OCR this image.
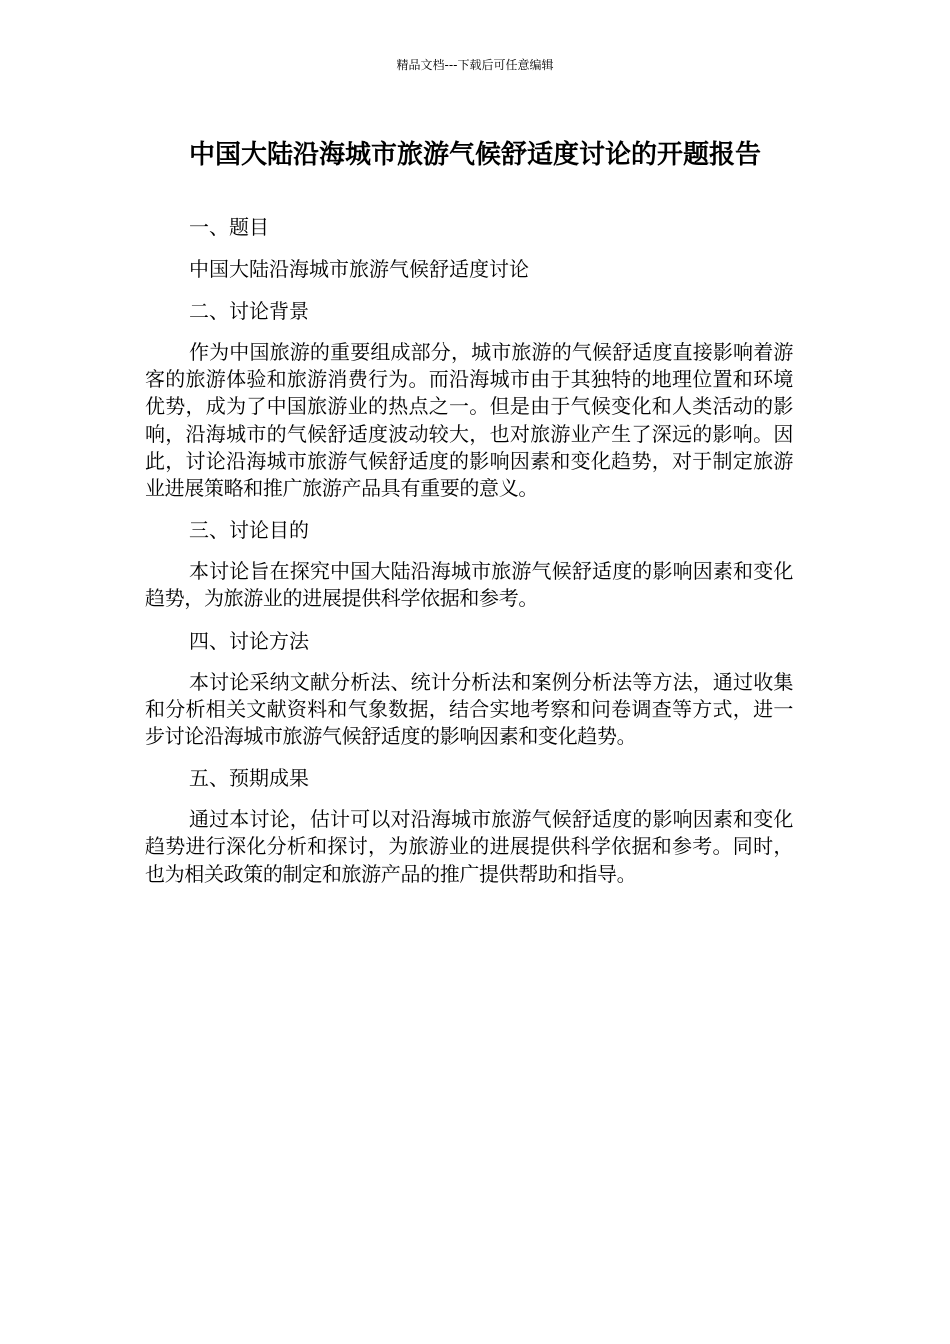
精品文档---下载后可任意编辑
中国大陆沿海城市旅游气候舒适度讨论的开题报告
一、题目
中国大陆沿海城市旅游气候舒适度讨论
二、讨论背景

作为中国旅游的重要组成部分，城市旅游的气候舒适度直接影响着游客的旅游体验和旅游消费行为。而沿海城市由于其独特的地理位置和环境优势，成为了中国旅游业的热点之一。但是由于气候变化和人类活动的影响，沿海城市的气候舒适度波动较大，也对旅游业产生了深远的影响。因此，讨论沿海城市旅游气候舒适度的影响因素和变化趋势，对于制定旅游业进展策略和推广旅游产品具有重要的意义。

三、讨论目的

本讨论旨在探究中国大陆沿海城市旅游气候舒适度的影响因素和变化趋势，为旅游业的进展提供科学依据和参考。

四、讨论方法

本讨论采纳文献分析法、统计分析法和案例分析法等方法，通过收集和分析相关文献资料和气象数据，结合实地考察和问卷调查等方式，进一步讨论沿海城市旅游气候舒适度的影响因素和变化趋势。

五、预期成果

通过本讨论，估计可以对沿海城市旅游气候舒适度的影响因素和变化趋势进行深化分析和探讨，为旅游业的进展提供科学依据和参考。同时，也为相关政策的制定和旅游产品的推广提供帮助和指导。
